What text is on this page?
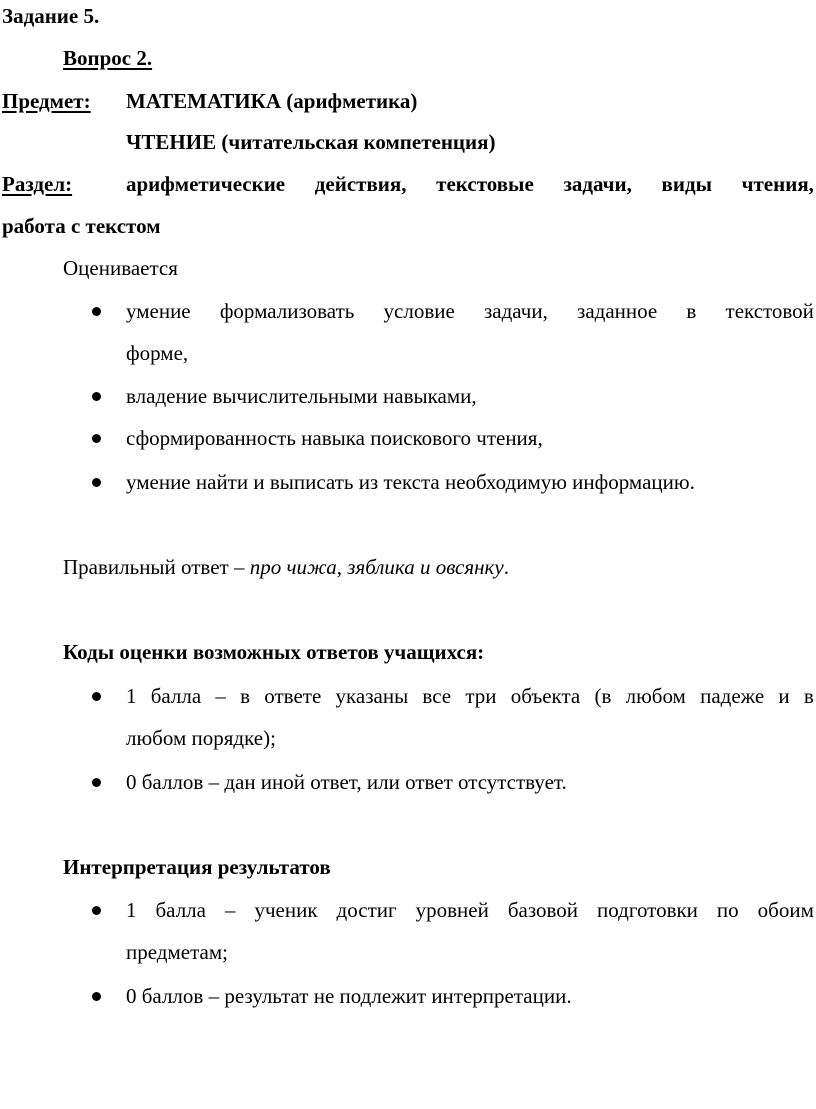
Задание 5.
Вопрос 2.
Предмет: МАТЕМАТИКА (арифметика)
ЧТЕНИЕ (читательская компетенция)
Раздел:	арифметические действия, текстовые задачи, виды чтения,
работа с текстом
Оценивается
умение формализовать условие задачи, заданное в текстовой
форме,
владение вычислительными навыками,
сформированность навыка поискового чтения,
умение найти и выписать из текста необходимую информацию.
Правильный ответ – про чижа, зяблика и овсянку.
Коды оценки возможных ответов учащихся:
1 балла – в ответе указаны все три объекта (в любом падеже и в
любом порядке);
0 баллов – дан иной ответ, или ответ отсутствует.
Интерпретация результатов
1 балла – ученик достиг уровней базовой подготовки по обоим
предметам;
0 баллов – результат не подлежит интерпретации.
